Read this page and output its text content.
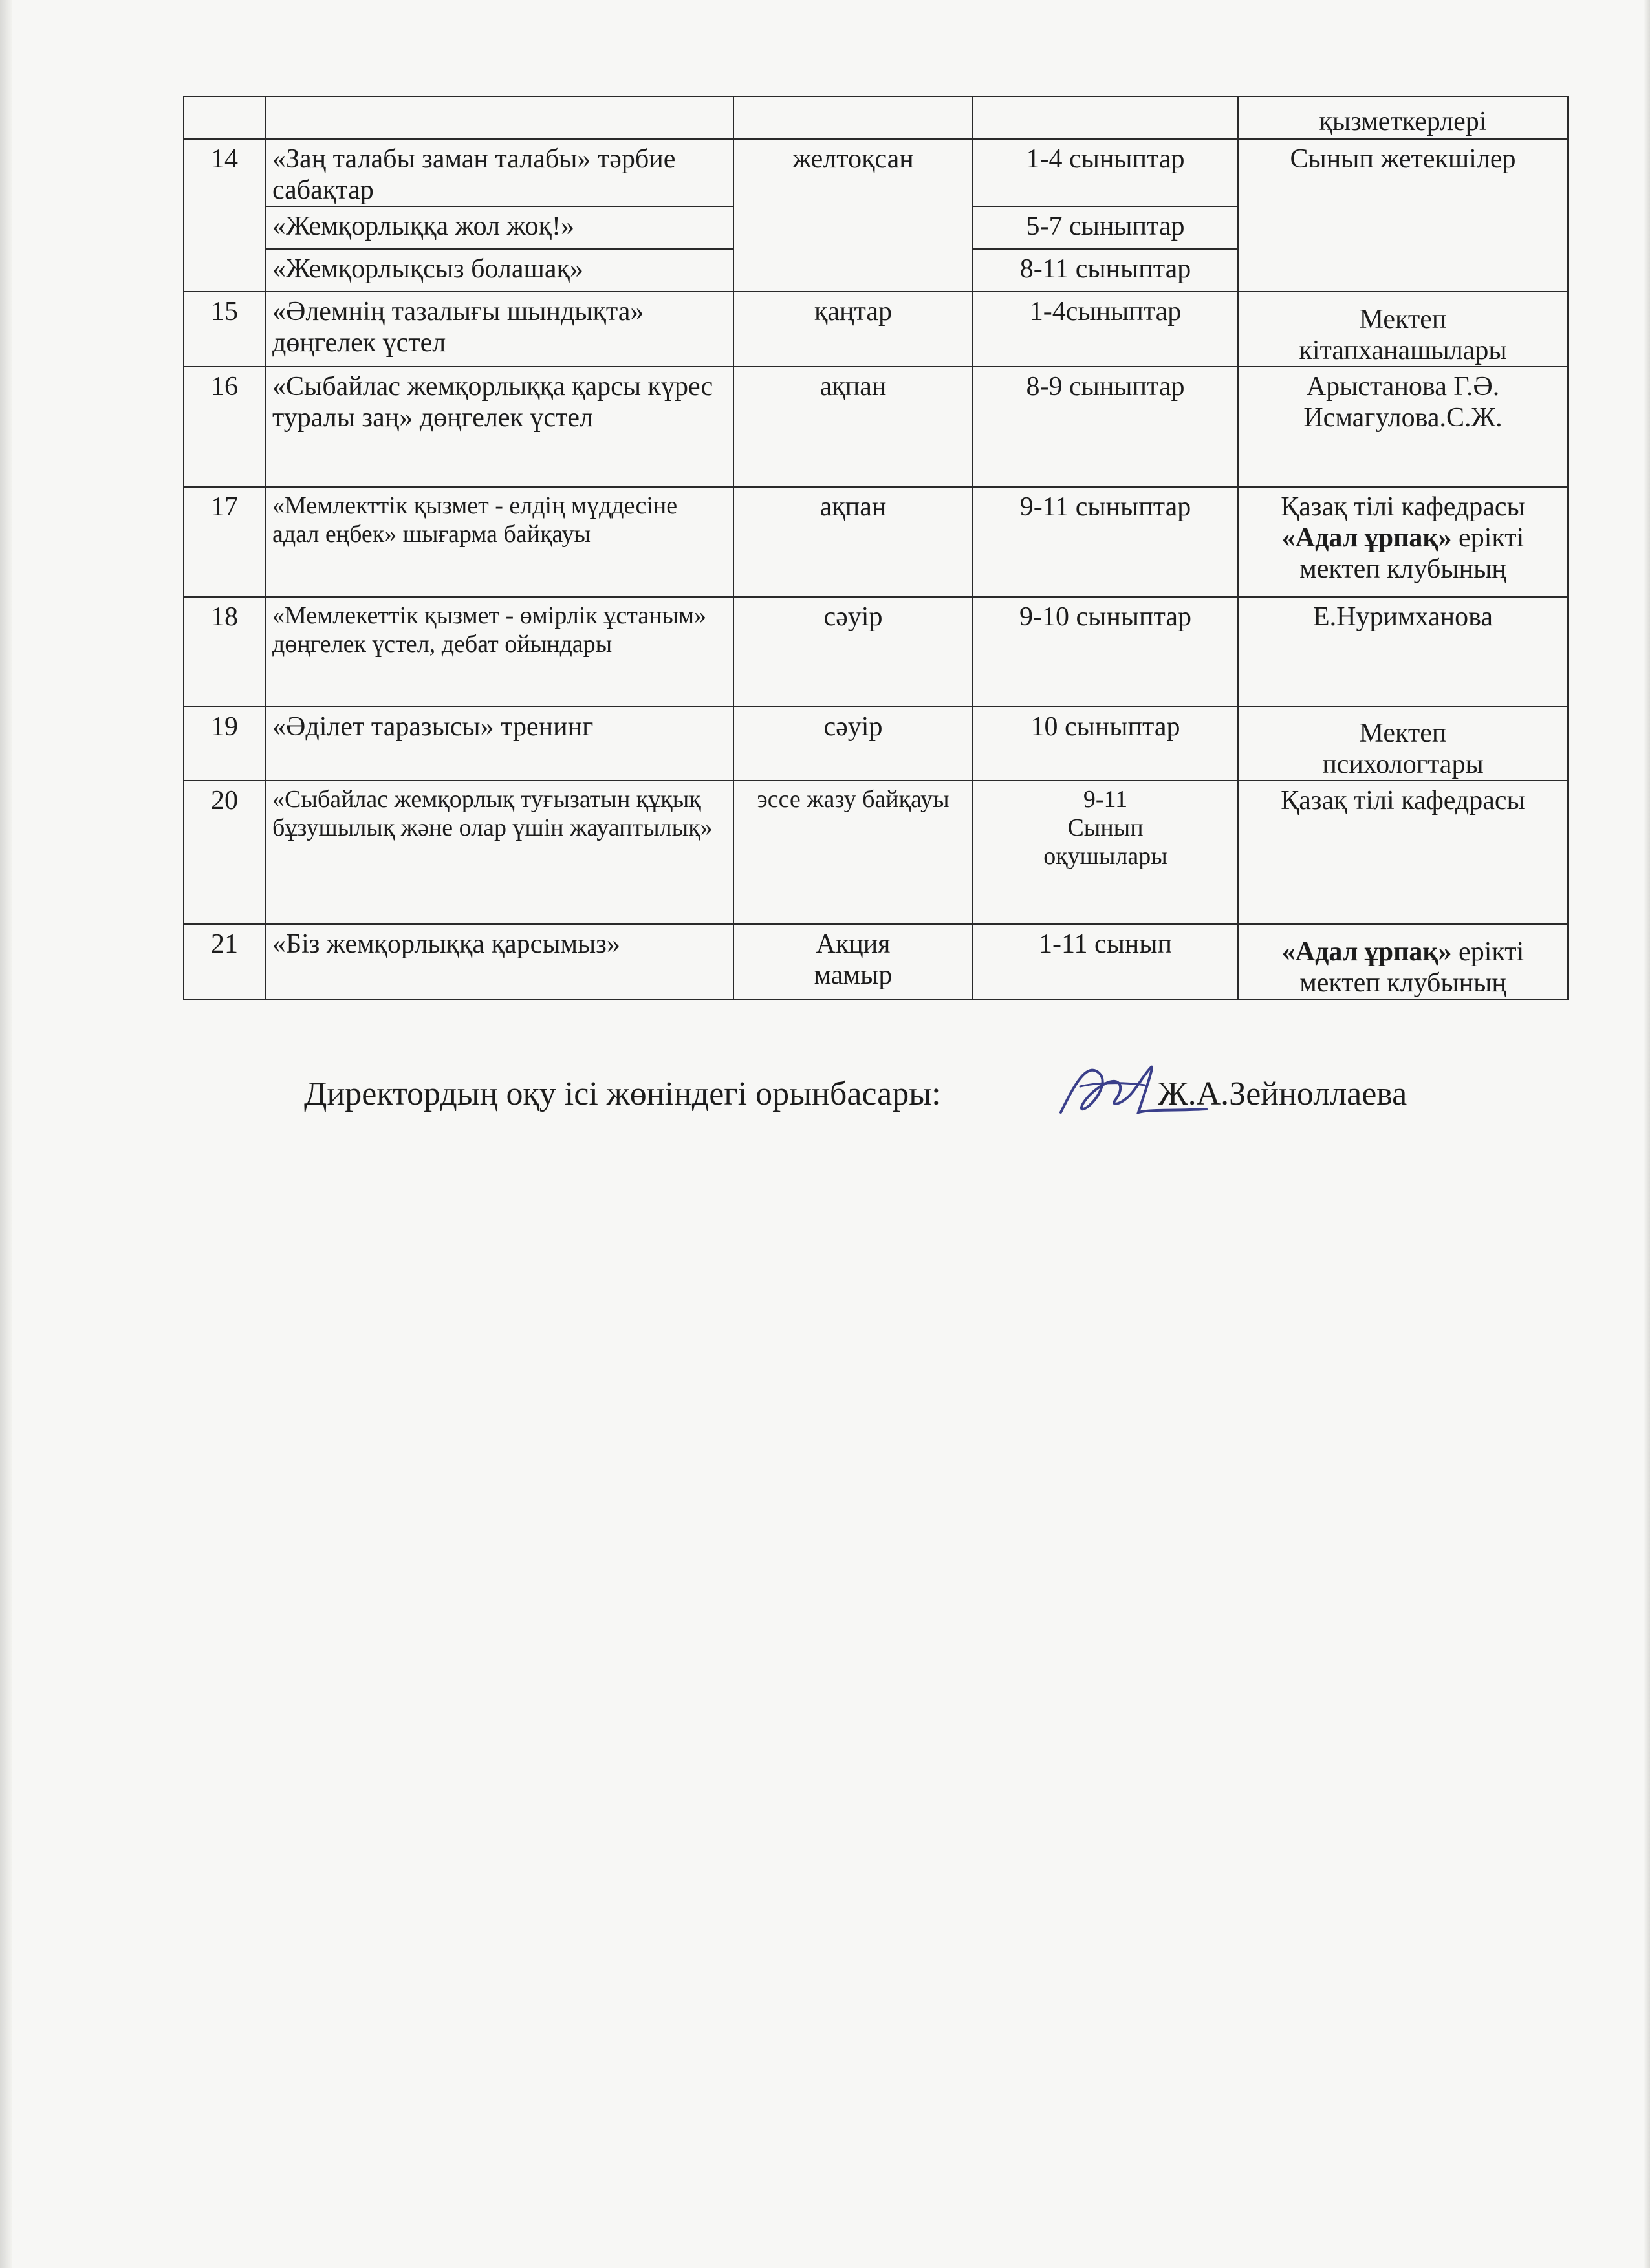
				қызметкерлері

14	«Заң талабы заман талабы» тәрбие сабақтар	желтоқсан	1-4 сыныптар	Сынып жетекшілер

	«Жемқорлыққа жол жоқ!»		5-7 сыныптар	
	«Жемқорлықсыз болашақ»		8-11 сыныптар	
15	«Әлемнің тазалығы шындықта» дөңгелек үстел	қаңтар	1-4сыныптар	Мектеп
кітапханашылары

16	«Сыбайлас жемқорлыққа қарсы күрес туралы заң» дөңгелек үстел	ақпан	8-9 сыныптар	Арыстанова Г.Ә.
Исмагулова.С.Ж.

17	«Мемлекттік қызмет - елдің мүддесіне адал еңбек» шығарма байқауы	ақпан	9-11 сыныптар	Қазақ тілі кафедрасы
«Адал ұрпақ» ерікті
мектеп клубының

18	«Мемлекеттік қызмет - өмірлік ұстаным» дөңгелек үстел, дебат ойындары	сәуір	9-10 сыныптар	Е.Нуримханова

19	«Әділет таразысы» тренинг	сәуір	10 сыныптар	Мектеп
психологтары

20	«Сыбайлас жемқорлық туғызатын құқық бұзушылық және олар үшін жауаптылық»	эссе жазу байқауы	9-11
Сынып
оқушылары	Қазақ тілі кафедрасы

21	«Біз жемқорлыққа қарсымыз»	Акция
мамыр	1-11 сынып	«Адал ұрпақ» ерікті
мектеп клубының
Директордың оқу ісі жөніндегі орынбасары:	Ж.А.Зейноллаева
